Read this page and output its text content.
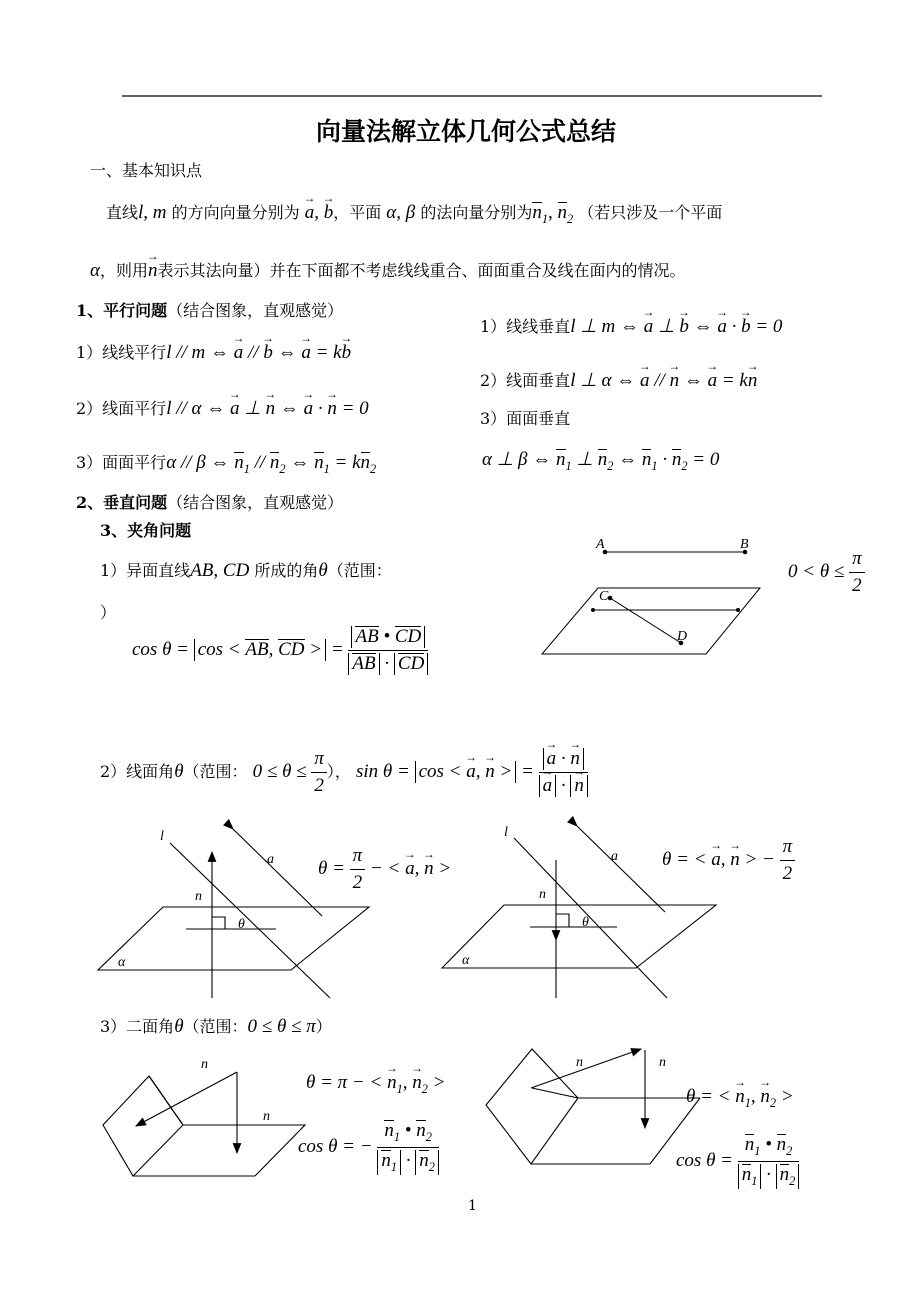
A	B
C
D
l
a
n
θ
α
l
a
n
θ
α
n
n
n	n
向量法解立体几何公式总结
一、基本知识点
直线l, m 的方向向量分别为 → a, → b，平面 α, β 的法向量分别为$n_1$, $n_2$ （若只涉及一个平面
α，则用→ n表示其法向量）并在下面都不考虑线线重合、面面重合及线在面内的情况。
1、平行问题（结合图象，直观感觉）
1）线线平行l // m ⇔ → a // → b ⇔ → a = k→ b
2）线面平行l // α ⇔ → a ⊥ → n ⇔ → a · → n = 0
3）面面平行α // β ⇔ $n_1 // n_2$ ⇔ $n_1 = kn_2$
1）线线垂直l ⊥ m ⇔ → a ⊥ → b ⇔ → a · → b = 0
2）线面垂直l ⊥ α ⇔ → a // → n ⇔ → a = k→ n
3）面面垂直
α ⊥ β ⇔ $n_1$ ⊥ $n_2$ ⇔ $n_1 \cdot n_2 = 0$
2、垂直问题（结合图象，直观感觉）
3、夹角问题
1）异面直线AB, CD 所成的角θ（范围：
）
$0 < \theta \le \frac{\pi}{2}$
cos θ = cos < AB, CD > = $\frac{AB • CD}{AB \cdot CD}$
2）线面角θ（范围： $0 \le \theta \le \frac{\pi}{2}$ ）， sin θ = cos < → a, → n > =
→ a · → n
→ a · → n
$\theta = \frac{\pi}{2}$ − < → a, → n >	θ = < → a, → n > − $\frac{\pi}{2}$
3）二面角θ（范围：0 ≤ θ ≤ π）
θ = π − < → $n_1$, → $n_2$ >
cos θ = − $\frac{n_1 • n_2}{n_1 \cdot n_2}$
θ = < → $n_1$, → $n_2$ >
$\cos \theta = \frac{n_1 • n_2}{n_1 \cdot n_2}$
1
